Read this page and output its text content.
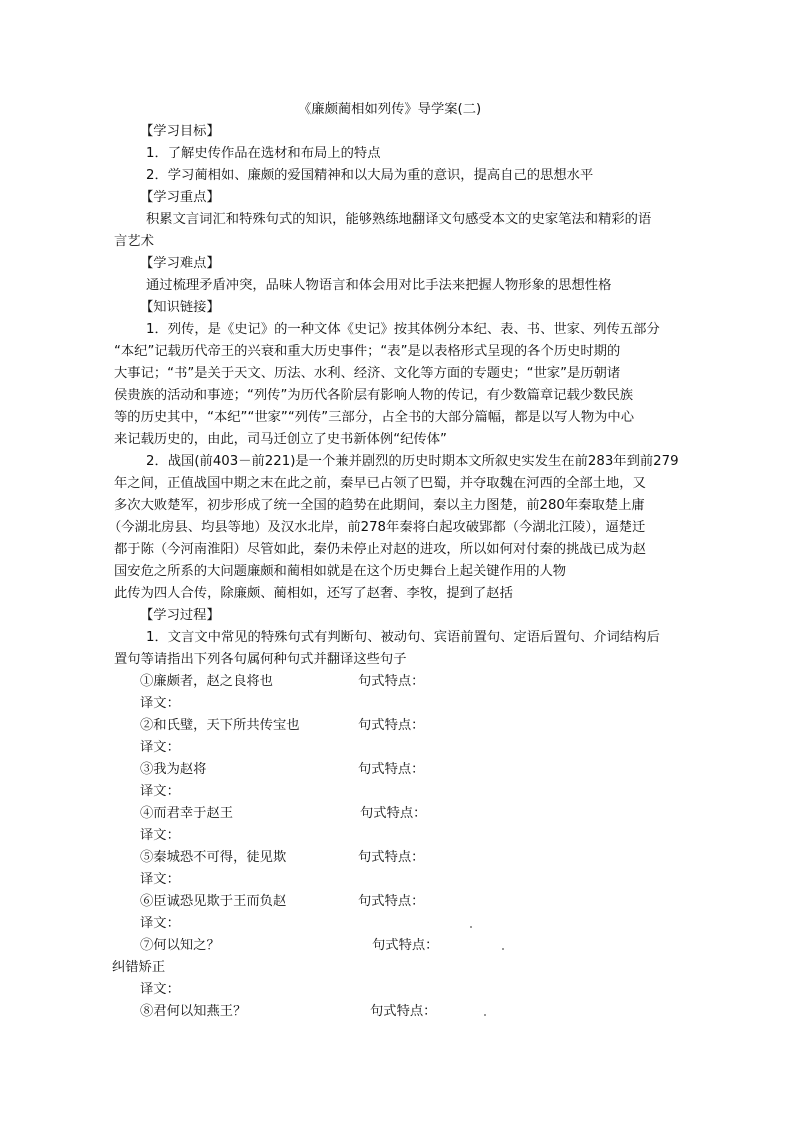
《廉颇蔺相如列传》导学案(二)
【学习目标】
1．了解史传作品在选材和布局上的特点
2．学习蔺相如、廉颇的爱国精神和以大局为重的意识，提高自己的思想水平
【学习重点】
积累文言词汇和特殊句式的知识，能够熟练地翻译文句感受本文的史家笔法和精彩的语
言艺术
【学习难点】
通过梳理矛盾冲突，品味人物语言和体会用对比手法来把握人物形象的思想性格
【知识链接】
1．列传，是《史记》的一种文体《史记》按其体例分本纪、表、书、世家、列传五部分
“本纪”记载历代帝王的兴衰和重大历史事件；“表”是以表格形式呈现的各个历史时期的
大事记；“书”是关于天文、历法、水利、经济、文化等方面的专题史；“世家”是历朝诸
侯贵族的活动和事迹；“列传”为历代各阶层有影响人物的传记，有少数篇章记载少数民族
等的历史其中，“本纪”“世家”“列传”三部分，占全书的大部分篇幅，都是以写人物为中心
来记载历史的，由此，司马迁创立了史书新体例“纪传体”
2．战国(前403－前221)是一个兼并剧烈的历史时期本文所叙史实发生在前283年到前279
年之间，正值战国中期之末在此之前，秦早已占领了巴蜀，并夺取魏在河西的全部土地，又
多次大败楚军，初步形成了统一全国的趋势在此期间，秦以主力图楚，前280年秦取楚上庸
（今湖北房县、均县等地）及汉水北岸，前278年秦将白起攻破郢都（今湖北江陵），逼楚迁
都于陈（今河南淮阳）尽管如此，秦仍未停止对赵的进攻，所以如何对付秦的挑战已成为赵
国安危之所系的大问题廉颇和蔺相如就是在这个历史舞台上起关键作用的人物
此传为四人合传，除廉颇、蔺相如，还写了赵奢、李牧，提到了赵括
【学习过程】
1．文言文中常见的特殊句式有判断句、被动句、宾语前置句、定语后置句、介词结构后
置句等请指出下列各句属何种句式并翻译这些句子
①廉颇者，赵之良将也	句式特点：
译文：
②和氏璧，天下所共传宝也	句式特点：
译文：
③我为赵将	句式特点：
译文：
④而君幸于赵王	句式特点：
译文：
⑤秦城恐不可得，徒见欺	句式特点：
译文：
⑥臣诚恐见欺于王而负赵	句式特点：
译文：
⑦何以知之？	句式特点：
纠错矫正
译文：
⑧君何以知燕王？	句式特点：
